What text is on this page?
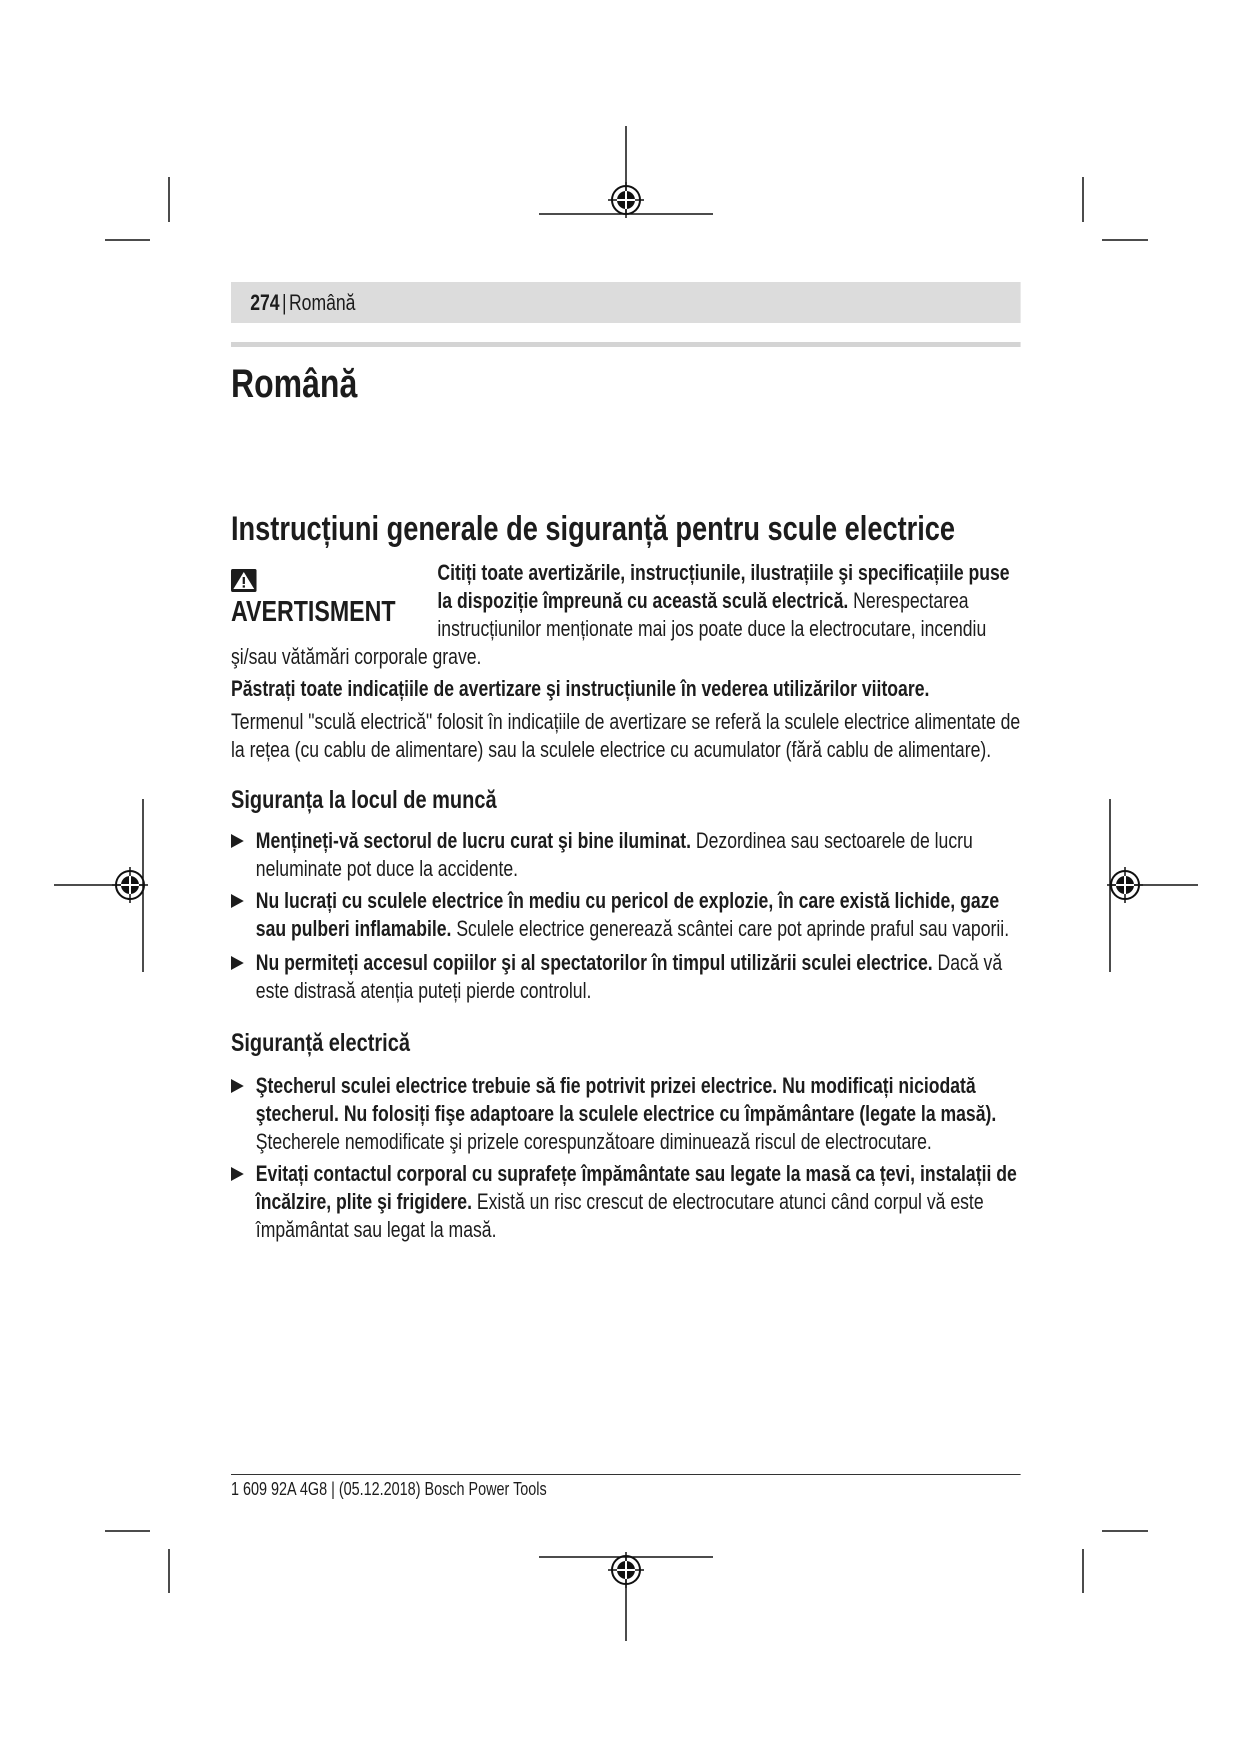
274 | Română
Română
Instrucțiuni generale de siguranță pentru scule electrice
AVERTISMENT
Citiți toate avertizările, instrucțiunile, ilustrațiile şi specificațiile puse la dispoziție împreună cu această sculă electrică. Nerespectarea instrucțiunilor menționate mai jos poate duce la electrocutare, incendiu şi/sau vătămări corporale grave.

Păstrați toate indicațiile de avertizare şi instrucțiunile în vederea utilizărilor viitoare.

Termenul "sculă electrică" folosit în indicațiile de avertizare se referă la sculele electrice alimentate de la rețea (cu cablu de alimentare) sau la sculele electrice cu acumulator (fără cablu de alimentare).

Siguranța la locul de muncă
Mențineți-vă sectorul de lucru curat şi bine iluminat. Dezordinea sau sectoarele de lucru neluminate pot duce la accidente.
Nu lucrați cu sculele electrice în mediu cu pericol de explozie, în care există lichide, gaze sau pulberi inflamabile. Sculele electrice generează scântei care pot aprinde praful sau vaporii.
Nu permiteți accesul copiilor şi al spectatorilor în timpul utilizării sculei electrice. Dacă vă este distrasă atenția puteți pierde controlul.
Siguranță electrică
Ştecherul sculei electrice trebuie să fie potrivit prizei electrice. Nu modificați niciodată ştecherul. Nu folosiți fişe adaptoare la sculele electrice cu împământare (legate la masă). Ştecherele nemodificate şi prizele corespunzătoare diminuează riscul de electrocutare.
Evitați contactul corporal cu suprafețe împământate sau legate la masă ca țevi, instalații de încălzire, plite şi frigidere. Există un risc crescut de electrocutare atunci când corpul vă este împământat sau legat la masă.
1 609 92A 4G8 | (05.12.2018) Bosch Power Tools
